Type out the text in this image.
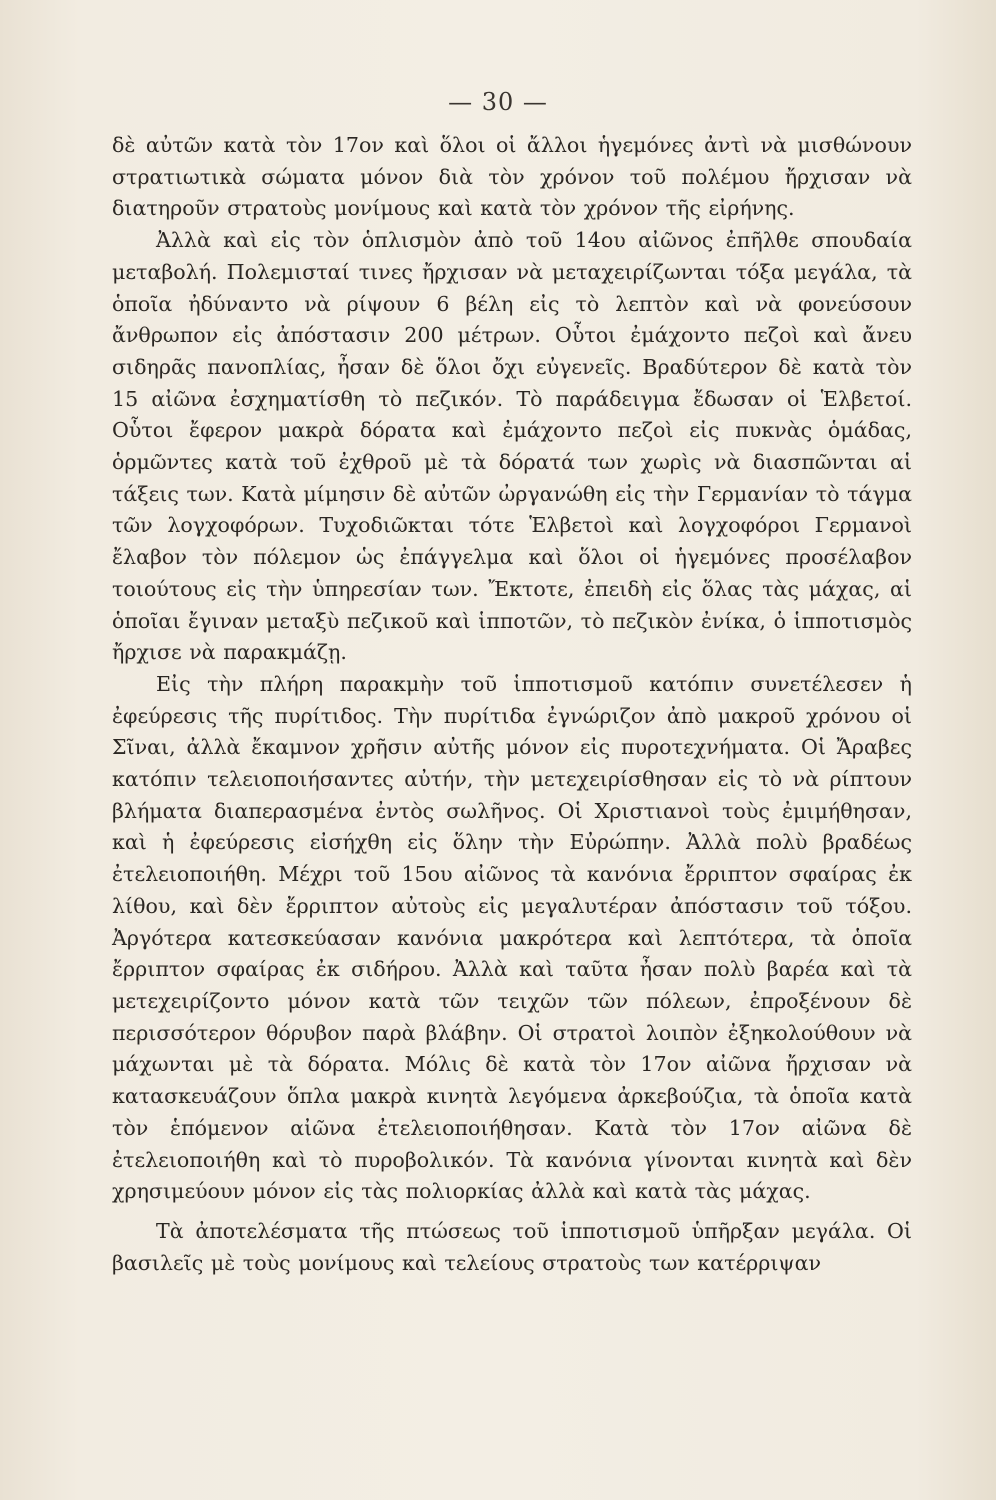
— 30 —

δὲ αὐτῶν κατὰ τὸν 17ον καὶ ὅλοι οἱ ἄλλοι ἡγεμόνες ἀντὶ νὰ μισθώνουν στρατιωτικὰ σώματα μόνον διὰ τὸν χρόνον τοῦ πολέμου ἤρχισαν νὰ διατηροῦν στρατοὺς μονίμους καὶ κατὰ τὸν χρόνον τῆς εἰρήνης.

Ἀλλὰ καὶ εἰς τὸν ὁπλισμὸν ἀπὸ τοῦ 14ου αἰῶνος ἐπῆλθε σπουδαία μεταβολή. Πολεμισταί τινες ἤρχισαν νὰ μεταχειρίζωνται τόξα μεγάλα, τὰ ὁποῖα ἠδύναντο νὰ ρίψουν 6 βέλη εἰς τὸ λεπτὸν καὶ νὰ φονεύσουν ἄνθρωπον εἰς ἀπόστασιν 200 μέτρων. Οὗτοι ἐμάχοντο πεζοὶ καὶ ἄνευ σιδηρᾶς πανοπλίας, ἦσαν δὲ ὅλοι ὄχι εὐγενεῖς. Βραδύτερον δὲ κατὰ τὸν 15 αἰῶνα ἐσχηματίσθη τὸ πεζικόν. Τὸ παράδειγμα ἔδωσαν οἱ Ἑλβετοί. Οὗτοι ἔφερον μακρὰ δόρατα καὶ ἐμάχοντο πεζοὶ εἰς πυκνὰς ὁμάδας, ὁρμῶντες κατὰ τοῦ ἐχθροῦ μὲ τὰ δόρατά των χωρὶς νὰ διασπῶνται αἱ τάξεις των. Κατὰ μίμησιν δὲ αὐτῶν ὠργανώθη εἰς τὴν Γερμανίαν τὸ τάγμα τῶν λογχοφόρων. Τυχοδιῶκται τότε Ἑλβετοὶ καὶ λογχοφόροι Γερμανοὶ ἔλαβον τὸν πόλεμον ὡς ἐπάγγελμα καὶ ὅλοι οἱ ἡγεμόνες προσέλαβον τοιούτους εἰς τὴν ὑπηρεσίαν των. Ἔκτοτε, ἐπειδὴ εἰς ὅλας τὰς μάχας, αἱ ὁποῖαι ἔγιναν μεταξὺ πεζικοῦ καὶ ἱπποτῶν, τὸ πεζικὸν ἐνίκα, ὁ ἱπποτισμὸς ἤρχισε νὰ παρακμάζῃ.

Εἰς τὴν πλήρη παρακμὴν τοῦ ἱπποτισμοῦ κατόπιν συνετέλεσεν ἡ ἐφεύρεσις τῆς πυρίτιδος. Τὴν πυρίτιδα ἐγνώριζον ἀπὸ μακροῦ χρόνου οἱ Σῖναι, ἀλλὰ ἔκαμνον χρῆσιν αὐτῆς μόνον εἰς πυροτεχνήματα. Οἱ Ἄραβες κατόπιν τελειοποιήσαντες αὐτήν, τὴν μετεχειρίσθησαν εἰς τὸ νὰ ρίπτουν βλήματα διαπερασμένα ἐντὸς σωλῆνος. Οἱ Χριστιανοὶ τοὺς ἐμιμήθησαν, καὶ ἡ ἐφεύρεσις εἰσήχθη εἰς ὅλην τὴν Εὐρώπην. Ἀλλὰ πολὺ βραδέως ἐτελειοποιήθη. Μέχρι τοῦ 15ου αἰῶνος τὰ κανόνια ἔρριπτον σφαίρας ἐκ λίθου, καὶ δὲν ἔρριπτον αὐτοὺς εἰς μεγαλυτέραν ἀπόστασιν τοῦ τόξου. Ἀργότερα κατεσκεύασαν κανόνια μακρότερα καὶ λεπτότερα, τὰ ὁποῖα ἔρριπτον σφαίρας ἐκ σιδήρου. Ἀλλὰ καὶ ταῦτα ἦσαν πολὺ βαρέα καὶ τὰ μετεχειρίζοντο μόνον κατὰ τῶν τειχῶν τῶν πόλεων, ἐπροξένουν δὲ περισσότερον θόρυβον παρὰ βλάβην. Οἱ στρατοὶ λοιπὸν ἐξηκολούθουν νὰ μάχωνται μὲ τὰ δόρατα. Μόλις δὲ κατὰ τὸν 17ον αἰῶνα ἤρχισαν νὰ κατασκευάζουν ὅπλα μακρὰ κινητὰ λεγόμενα ἀρκεβούζια, τὰ ὁποῖα κατὰ τὸν ἑπόμενον αἰῶνα ἐτελειοποιήθησαν. Κατὰ τὸν 17ον αἰῶνα δὲ ἐτελειοποιήθη καὶ τὸ πυροβολικόν. Τὰ κανόνια γίνονται κινητὰ καὶ δὲν χρησιμεύουν μόνον εἰς τὰς πολιορκίας ἀλλὰ καὶ κατὰ τὰς μάχας.

Τὰ ἀποτελέσματα τῆς πτώσεως τοῦ ἱπποτισμοῦ ὑπῆρξαν μεγάλα. Οἱ βασιλεῖς μὲ τοὺς μονίμους καὶ τελείους στρατοὺς των κατέρριψαν
